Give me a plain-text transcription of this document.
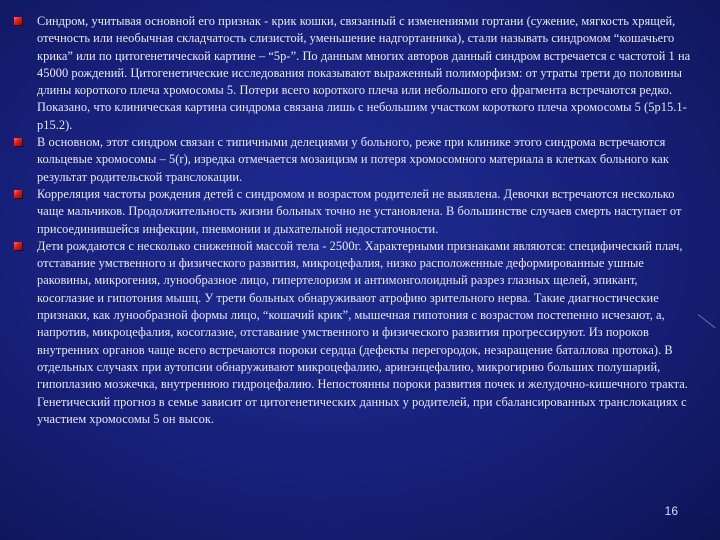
Синдром, учитывая основной его признак - крик кошки, связанный с изменениями гортани (сужение, мягкость хрящей, отечность или необычная складчатость слизистой, уменьшение надгортанника), стали называть синдромом “кошачьего крика” или по цитогенетической картине – “5р-”. По данным многих авторов данный синдром встречается с частотой 1 на 45000 рождений. Цитогенетические исследования показывают выраженный полиморфизм: от утраты трети до половины длины короткого плеча хромосомы 5. Потери всего короткого плеча или небольшого его фрагмента встречаются редко. Показано, что клиническая картина синдрома связана лишь с небольшим участком короткого плеча хромосомы 5 (5р15.1-р15.2).
В основном, этот синдром связан с типичными делециями у больного, реже при клинике этого синдрома встречаются кольцевые хромосомы – 5(r), изредка отмечается мозаицизм и потеря хромосомного материала в клетках больного как результат родительской транслокации.
Корреляция частоты рождения детей с синдромом и возрастом родителей не выявлена. Девочки встречаются несколько чаще мальчиков. Продолжительность жизни больных точно не установлена. В большинстве случаев смерть наступает от присоединившейся инфекции, пневмонии и дыхательной недостаточности.
Дети рождаются с несколько сниженной массой тела - 2500г. Характерными признаками являются: специфический плач, отставание умственного и физического развития, микроцефалия, низко расположенные деформированные ушные раковины, микрогения, лунообразное лицо, гипертелоризм и антимонголоидный разрез глазных щелей, эпикант, косоглазие и гипотония мышц. У трети больных обнаруживают атрофию зрительного нерва. Такие диагностические признаки, как лунообразной формы лицо, “кошачий крик”, мышечная гипотония с возрастом постепенно исчезают, а, напротив, микроцефалия, косоглазие, отставание умственного и физического развития прогрессируют. Из пороков внутренних органов чаще всего встречаются пороки сердца (дефекты перегородок, незаращение баталлова протока). В отдельных случаях при аутопсии обнаруживают микроцефалию, аринэнцефалию, микрогирию больших полушарий, гипоплазию мозжечка, внутреннюю гидроцефалию. Непостоянны пороки развития почек и желудочно-кишечного тракта. Генетический прогноз в семье зависит от цитогенетических данных у родителей, при сбалансированных транслокациях с участием хромосомы 5 он высок.
16
